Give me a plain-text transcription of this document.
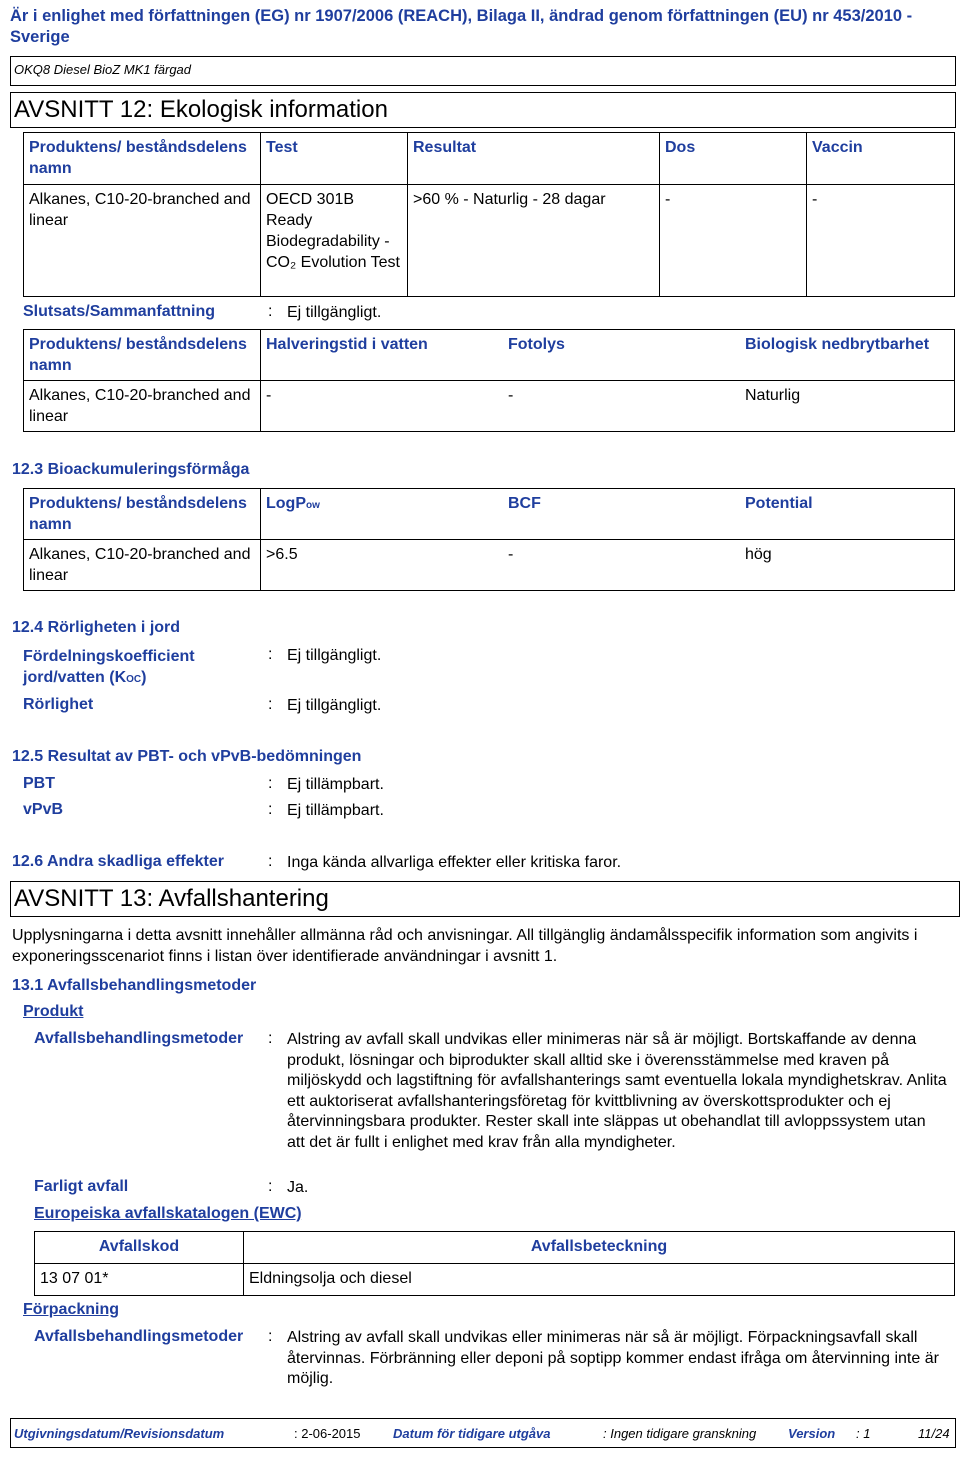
Är i enlighet med författningen (EG) nr 1907/2006 (REACH), Bilaga II, ändrad genom författningen (EU) nr 453/2010 - Sverige
OKQ8 Diesel BioZ MK1 färgad
AVSNITT 12: Ekologisk information
Produktens/ beståndsdelens namn	Test	Resultat	Dos	Vaccin
Alkanes, C10-20-branched and linear	OECD 301B Ready Biodegradability - CO₂ Evolution Test	>60 % - Naturlig - 28 dagar	-	-
Slutsats/Sammanfattning	: Ej tillgängligt.
Produktens/ beståndsdelens namn	Halveringstid i vatten	Fotolys	Biologisk nedbrytbarhet
Alkanes, C10-20-branched and linear	-	-	Naturlig
12.3 Bioackumuleringsförmåga
Produktens/ beståndsdelens namn	LogPow	BCF	Potential
Alkanes, C10-20-branched and linear	>6.5	-	hög
12.4 Rörligheten i jord
Fördelningskoefficient jord/vatten (KOC)
: Ej tillgängligt.
Rörlighet	: Ej tillgängligt.
12.5 Resultat av PBT- och vPvB-bedömningen
PBT	: Ej tillämpbart.
vPvB	: Ej tillämpbart.
12.6 Andra skadliga effekter	: Inga kända allvarliga effekter eller kritiska faror.
AVSNITT 13: Avfallshantering
Upplysningarna i detta avsnitt innehåller allmänna råd och anvisningar. All tillgänglig ändamålsspecifik information som angivits i exponeringsscenariot finns i listan över identifierade användningar i avsnitt 1.
13.1 Avfallsbehandlingsmetoder
Produkt
Avfallsbehandlingsmetoder : Alstring av avfall skall undvikas eller minimeras när så är möjligt. Bortskaffande av denna produkt, lösningar och biprodukter skall alltid ske i överensstämmelse med kraven på miljöskydd och lagstiftning för avfallshanterings samt eventuella lokala myndighetskrav. Anlita ett auktoriserat avfallshanteringsföretag för kvittblivning av överskottsprodukter och ej återvinningsbara produkter. Rester skall inte släppas ut obehandlat till avloppssystem utan att det är fullt i enlighet med krav från alla myndigheter.
Farligt avfall	: Ja.
Europeiska avfallskatalogen (EWC)
Avfallskod	Avfallsbeteckning
13 07 01*	Eldningsolja och diesel
Förpackning
Avfallsbehandlingsmetoder : Alstring av avfall skall undvikas eller minimeras när så är möjligt. Förpackningsavfall skall återvinnas. Förbränning eller deponi på soptipp kommer endast ifråga om återvinning inte är möjlig.
Utgivningsdatum/Revisionsdatum	: 2-06-2015	Datum för tidigare utgåva	: Ingen tidigare granskning Version : 1	11/24
